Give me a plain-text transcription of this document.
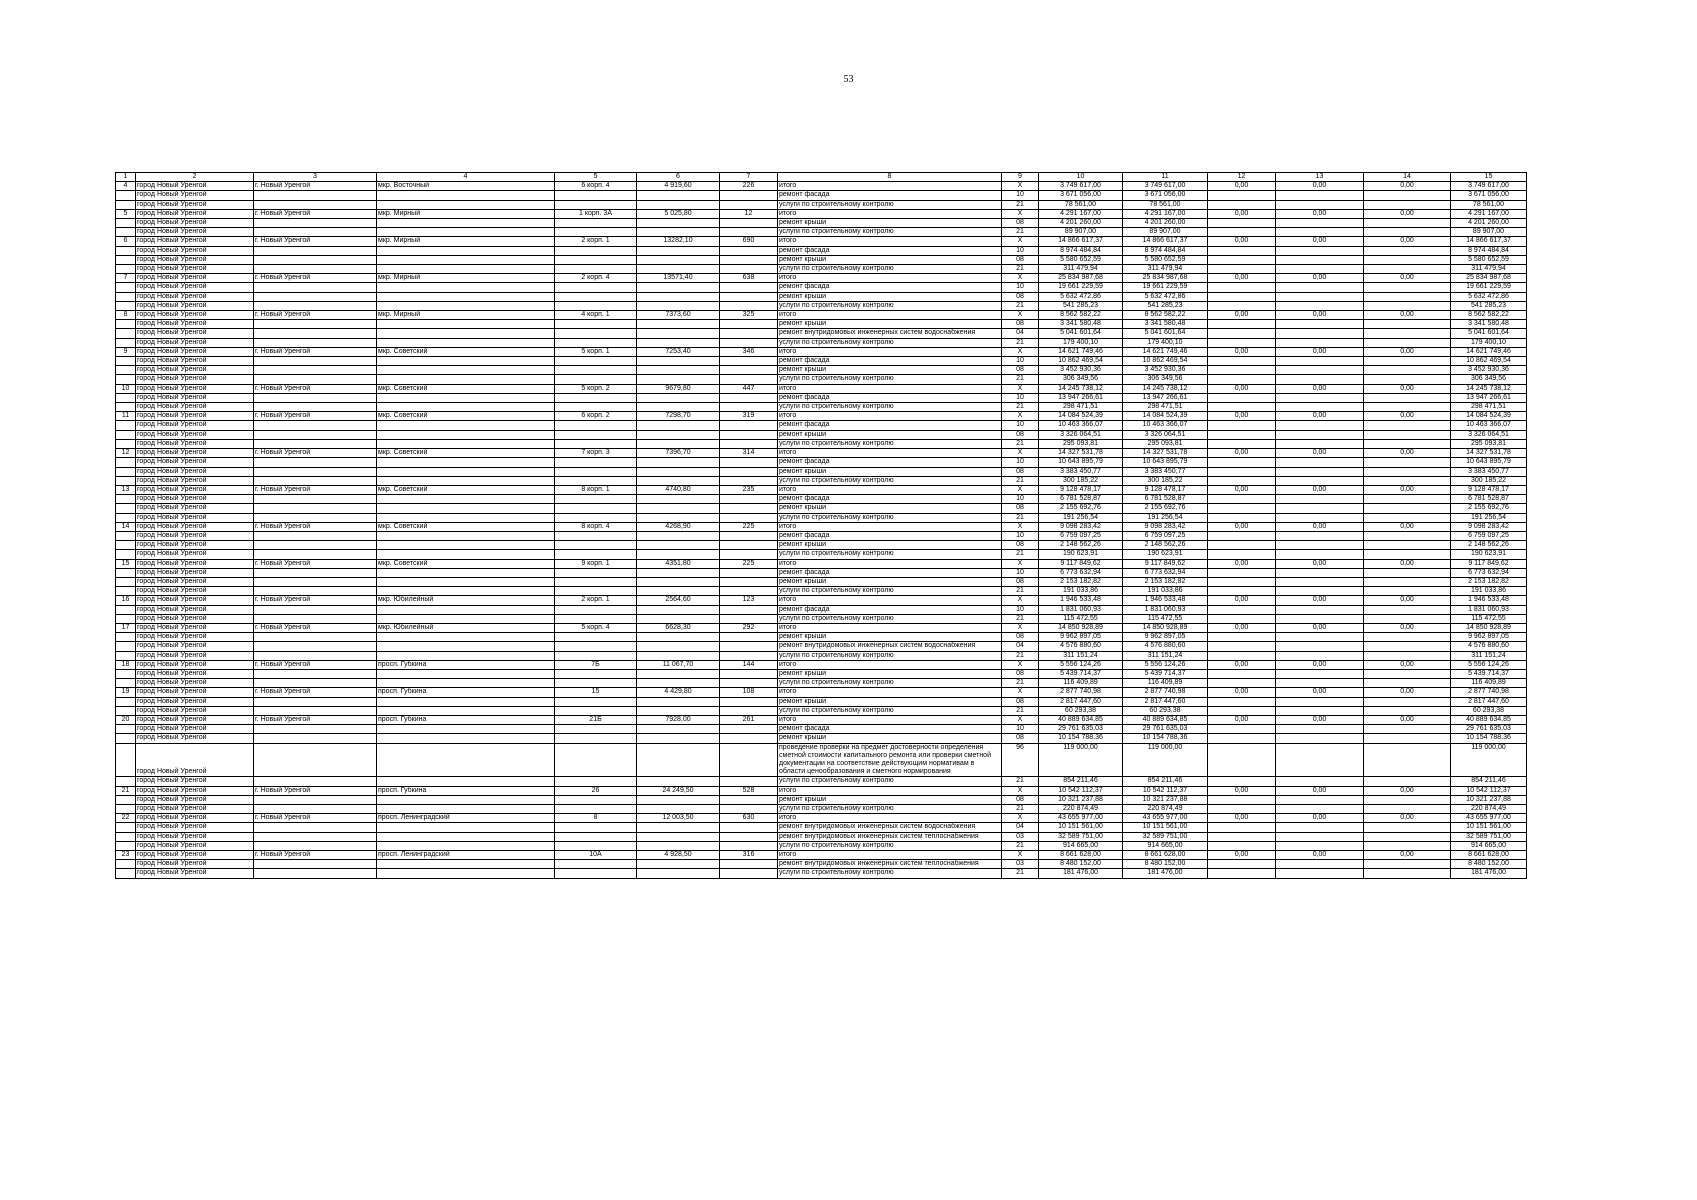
53
1	2	3	4	5	6	7	8	9	10	11	12	13	14	15
4	город Новый Уренгой	г. Новый Уренгой	мкр. Восточный	6 корп. 4	4 919,60	226	итого	X	3 749 617,00	3 749 617,00	0,00	0,00	0,00	3 749 617,00
	город Новый Уренгой						ремонт фасада	10	3 671 056,00	3 671 056,00				3 671 056,00
	город Новый Уренгой						услуги по строительному контролю	21	78 561,00	78 561,00				78 561,00
5	город Новый Уренгой	г. Новый Уренгой	мкр. Мирный	1 корп. 3А	5 025,80	12	итого	X	4 291 167,00	4 291 167,00	0,00	0,00	0,00	4 291 167,00
	город Новый Уренгой						ремонт крыши	08	4 201 260,00	4 201 260,00				4 201 260,00
	город Новый Уренгой						услуги по строительному контролю	21	89 907,00	89 907,00				89 907,00
6	город Новый Уренгой	г. Новый Уренгой	мкр. Мирный	2 корп. 1	13282,10	690	итого	X	14 866 617,37	14 866 617,37	0,00	0,00	0,00	14 866 617,37
	город Новый Уренгой						ремонт фасада	10	8 974 484,84	8 974 484,84				8 974 484,84
	город Новый Уренгой						ремонт крыши	08	5 580 652,59	5 580 652,59				5 580 652,59
	город Новый Уренгой						услуги по строительному контролю	21	311 479,94	311 479,94				311 479,94
7	город Новый Уренгой	г. Новый Уренгой	мкр. Мирный	2 корп. 4	13571,40	638	итого	X	25 834 987,68	25 834 987,68	0,00	0,00	0,00	25 834 987,68
	город Новый Уренгой						ремонт фасада	10	19 661 229,59	19 661 229,59				19 661 229,59
	город Новый Уренгой						ремонт крыши	08	5 632 472,86	5 632 472,86				5 632 472,86
	город Новый Уренгой						услуги по строительному контролю	21	541 285,23	541 285,23				541 285,23
8	город Новый Уренгой	г. Новый Уренгой	мкр. Мирный	4 корп. 1	7373,60	325	итого	X	8 562 582,22	8 562 582,22	0,00	0,00	0,00	8 562 582,22
	город Новый Уренгой						ремонт крыши	08	3 341 580,48	3 341 580,48				3 341 580,48
	город Новый Уренгой						ремонт внутридомовых инженерных систем водоснабжения	04	5 041 601,64	5 041 601,64				5 041 601,64
	город Новый Уренгой						услуги по строительному контролю	21	179 400,10	179 400,10				179 400,10
9	город Новый Уренгой	г. Новый Уренгой	мкр. Советский	5 корп. 1	7253,40	346	итого	X	14 621 749,46	14 621 749,46	0,00	0,00	0,00	14 621 749,46
	город Новый Уренгой						ремонт фасада	10	10 862 469,54	10 862 469,54				10 862 469,54
	город Новый Уренгой						ремонт крыши	08	3 452 930,36	3 452 930,36				3 452 930,36
	город Новый Уренгой						услуги по строительному контролю	21	306 349,56	306 349,56				306 349,56
10	город Новый Уренгой	г. Новый Уренгой	мкр. Советский	5 корп. 2	9679,80	447	итого	X	14 245 738,12	14 245 738,12	0,00	0,00	0,00	14 245 738,12
	город Новый Уренгой						ремонт фасада	10	13 947 266,61	13 947 266,61				13 947 266,61
	город Новый Уренгой						услуги по строительному контролю	21	298 471,51	298 471,51				298 471,51
11	город Новый Уренгой	г. Новый Уренгой	мкр. Советский	6 корп. 2	7298,70	319	итого	X	14 084 524,39	14 084 524,39	0,00	0,00	0,00	14 084 524,39
	город Новый Уренгой						ремонт фасада	10	10 463 366,07	10 463 366,07				10 463 366,07
	город Новый Уренгой						ремонт крыши	08	3 326 064,51	3 326 064,51				3 326 064,51
	город Новый Уренгой						услуги по строительному контролю	21	295 093,81	295 093,81				295 093,81
12	город Новый Уренгой	г. Новый Уренгой	мкр. Советский	7 корп. 3	7396,70	314	итого	X	14 327 531,78	14 327 531,78	0,00	0,00	0,00	14 327 531,78
	город Новый Уренгой						ремонт фасада	10	10 643 895,79	10 643 895,79				10 643 895,79
	город Новый Уренгой						ремонт крыши	08	3 383 450,77	3 383 450,77				3 383 450,77
	город Новый Уренгой						услуги по строительному контролю	21	300 185,22	300 185,22				300 185,22
13	город Новый Уренгой	г. Новый Уренгой	мкр. Советский	8 корп. 1	4740,80	235	итого	X	9 128 478,17	9 128 478,17	0,00	0,00	0,00	9 128 478,17
	город Новый Уренгой						ремонт фасада	10	6 781 528,87	6 781 528,87				6 781 528,87
	город Новый Уренгой						ремонт крыши	08	2 155 692,76	2 155 692,76				2 155 692,76
	город Новый Уренгой						услуги по строительному контролю	21	191 256,54	191 256,54				191 256,54
14	город Новый Уренгой	г. Новый Уренгой	мкр. Советский	8 корп. 4	4268,90	225	итого	X	9 098 283,42	9 098 283,42	0,00	0,00	0,00	9 098 283,42
	город Новый Уренгой						ремонт фасада	10	6 759 097,25	6 759 097,25				6 759 097,25
	город Новый Уренгой						ремонт крыши	08	2 148 562,26	2 148 562,26				2 148 562,26
	город Новый Уренгой						услуги по строительному контролю	21	190 623,91	190 623,91				190 623,91
15	город Новый Уренгой	г. Новый Уренгой	мкр. Советский	9 корп. 1	4351,80	225	итого	X	9 117 849,62	9 117 849,62	0,00	0,00	0,00	9 117 849,62
	город Новый Уренгой						ремонт фасада	10	6 773 632,94	6 773 632,94				6 773 632,94
	город Новый Уренгой						ремонт крыши	08	2 153 182,82	2 153 182,82				2 153 182,82
	город Новый Уренгой						услуги по строительному контролю	21	191 033,86	191 033,86				191 033,86
16	город Новый Уренгой	г. Новый Уренгой	мкр. Юбилейный	2 корп. 1	2564,60	123	итого	X	1 946 533,48	1 946 533,48	0,00	0,00	0,00	1 946 533,48
	город Новый Уренгой						ремонт фасада	10	1 831 060,93	1 831 060,93				1 831 060,93
	город Новый Уренгой						услуги по строительному контролю	21	115 472,55	115 472,55				115 472,55
17	город Новый Уренгой	г. Новый Уренгой	мкр. Юбилейный	5 корп. 4	6628,30	292	итого	X	14 850 928,89	14 850 928,89	0,00	0,00	0,00	14 850 928,89
	город Новый Уренгой						ремонт крыши	08	9 962 897,05	9 962 897,05				9 962 897,05
	город Новый Уренгой						ремонт внутридомовых инженерных систем водоснабжения	04	4 576 880,60	4 576 880,60				4 576 880,60
	город Новый Уренгой						услуги по строительному контролю	21	311 151,24	311 151,24				311 151,24
18	город Новый Уренгой	г. Новый Уренгой	просп. Губкина	7Б	11 067,70	144	итого	X	5 556 124,26	5 556 124,26	0,00	0,00	0,00	5 556 124,26
	город Новый Уренгой						ремонт крыши	08	5 439 714,37	5 439 714,37				5 439 714,37
	город Новый Уренгой						услуги по строительному контролю	21	116 409,89	116 409,89				116 409,89
19	город Новый Уренгой	г. Новый Уренгой	просп. Губкина	15	4 429,80	108	итого	X	2 877 740,98	2 877 740,98	0,00	0,00	0,00	2 877 740,98
	город Новый Уренгой						ремонт крыши	08	2 817 447,60	2 817 447,60				2 817 447,60
	город Новый Уренгой						услуги по строительному контролю	21	60 293,38	60 293,38				60 293,38
20	город Новый Уренгой	г. Новый Уренгой	просп. Губкина	21Б	7928,00	261	итого	X	40 889 634,85	40 889 634,85	0,00	0,00	0,00	40 889 634,85
	город Новый Уренгой						ремонт фасада	10	29 761 635,03	29 761 635,03				29 761 635,03
	город Новый Уренгой						ремонт крыши	08	10 154 788,36	10 154 788,36				10 154 788,36
	город Новый Уренгой						проведение проверки на предмет достоверности определения сметной стоимости капитального ремонта или проверки сметной документации на соответствие действующим нормативам в области ценообразования и сметного нормирования	96	119 000,00	119 000,00				119 000,00
	город Новый Уренгой						услуги по строительному контролю	21	854 211,46	854 211,46				854 211,46
21	город Новый Уренгой	г. Новый Уренгой	просп. Губкина	26	24 249,50	528	итого	X	10 542 112,37	10 542 112,37	0,00	0,00	0,00	10 542 112,37
	город Новый Уренгой						ремонт крыши	08	10 321 237,88	10 321 237,88				10 321 237,88
	город Новый Уренгой						услуги по строительному контролю	21	220 874,49	220 874,49				220 874,49
22	город Новый Уренгой	г. Новый Уренгой	просп. Ленинградский	8	12 003,50	630	итого	X	43 655 977,00	43 655 977,00	0,00	0,00	0,00	43 655 977,00
	город Новый Уренгой						ремонт внутридомовых инженерных систем водоснабжения	04	10 151 561,00	10 151 561,00				10 151 561,00
	город Новый Уренгой						ремонт внутридомовых инженерных систем теплоснабжения	03	32 589 751,00	32 589 751,00				32 589 751,00
	город Новый Уренгой						услуги по строительному контролю	21	914 665,00	914 665,00				914 665,00
23	город Новый Уренгой	г. Новый Уренгой	просп. Ленинградский	10А	4 928,50	316	итого	X	8 661 628,00	8 661 628,00	0,00	0,00	0,00	8 661 628,00
	город Новый Уренгой						ремонт внутридомовых инженерных систем теплоснабжения	03	8 480 152,00	8 480 152,00				8 480 152,00
	город Новый Уренгой						услуги по строительному контролю	21	181 476,00	181 476,00				181 476,00
